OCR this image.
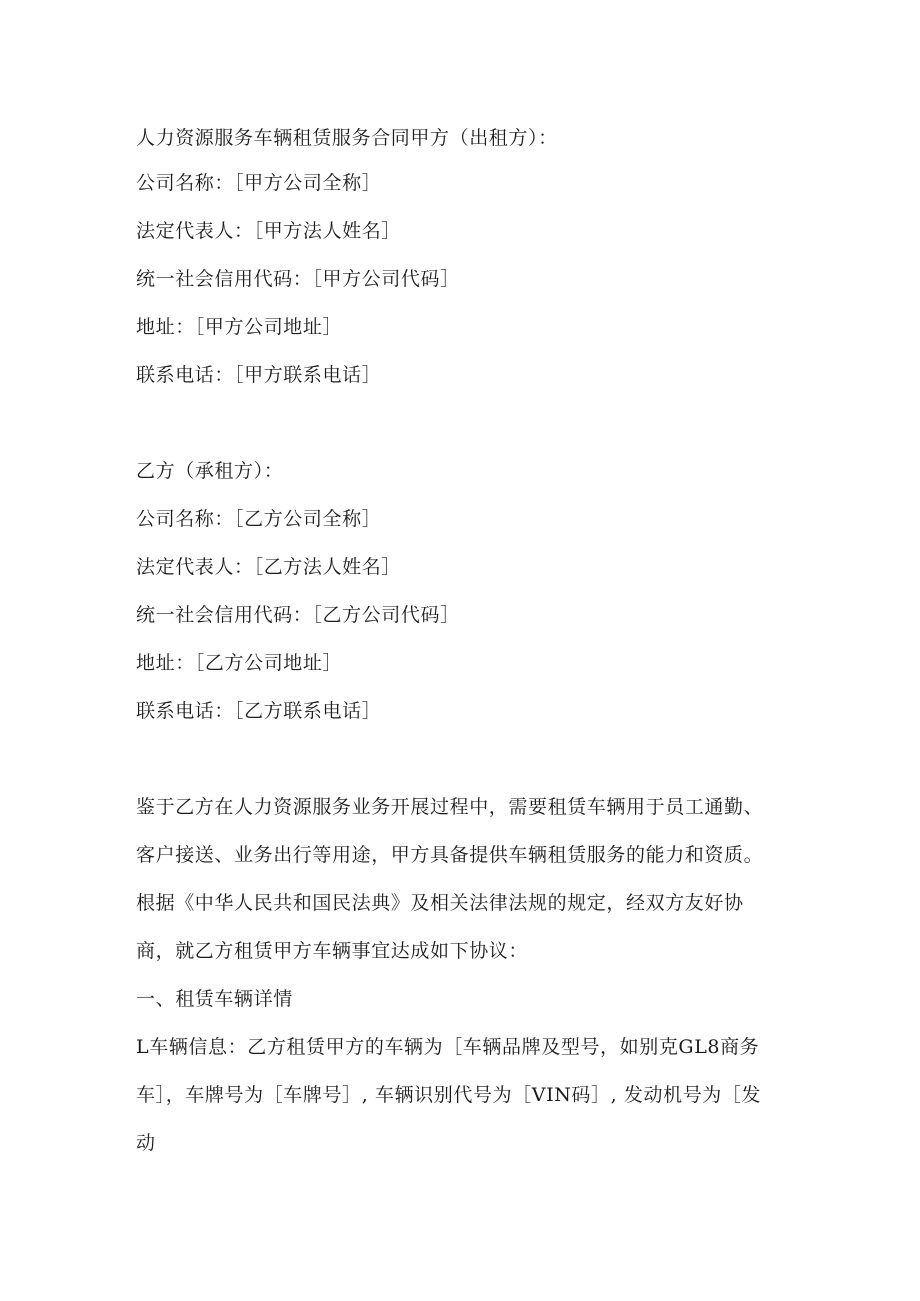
人力资源服务车辆租赁服务合同甲方（出租方）：
公司名称：［甲方公司全称］
法定代表人：［甲方法人姓名］
统一社会信用代码：［甲方公司代码］
地址：［甲方公司地址］
联系电话：［甲方联系电话］
乙方（承租方）：
公司名称：［乙方公司全称］
法定代表人：［乙方法人姓名］
统一社会信用代码：［乙方公司代码］
地址：［乙方公司地址］
联系电话：［乙方联系电话］
鉴于乙方在人力资源服务业务开展过程中，需要租赁车辆用于员工通勤、
客户接送、业务出行等用途，甲方具备提供车辆租赁服务的能力和资质。
根据《中华人民共和国民法典》及相关法律法规的规定，经双方友好协
商，就乙方租赁甲方车辆事宜达成如下协议：
一、租赁车辆详情
L车辆信息：乙方租赁甲方的车辆为［车辆品牌及型号，如别克GL8商务
车］，车牌号为［车牌号］, 车辆识别代号为［VIN码］, 发动机号为［发
动
